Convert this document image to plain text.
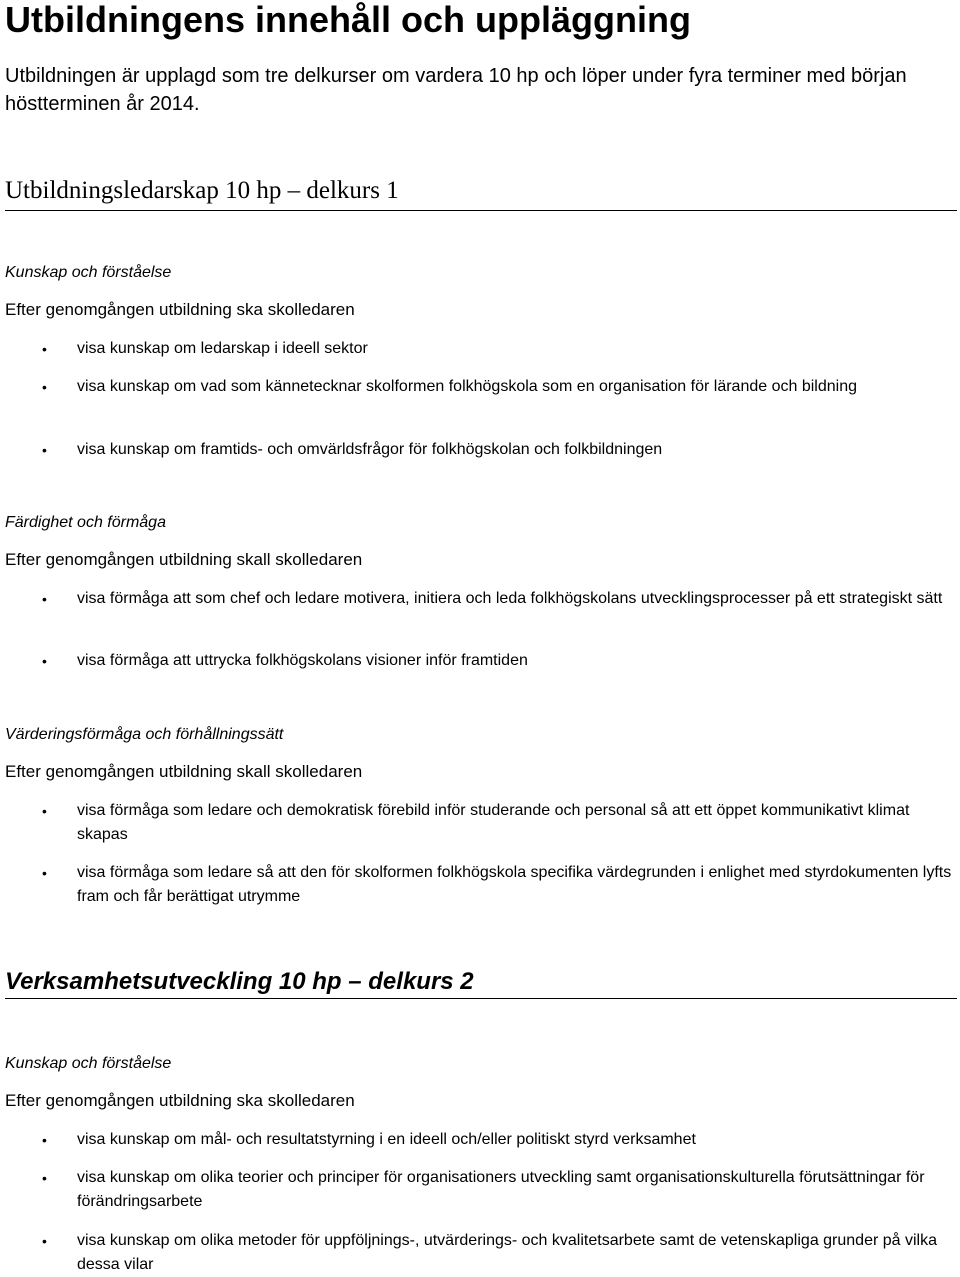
Utbildningens innehåll och uppläggning

Utbildningen är upplagd som tre delkurser om vardera 10 hp och löper under fyra terminer med början höstterminen år 2014.

Utbildningsledarskap 10 hp – delkurs 1
Kunskap och förståelse
Efter genomgången utbildning ska skolledaren
• visa kunskap om ledarskap i ideell sektor
• visa kunskap om vad som kännetecknar skolformen folkhögskola som en organisation för lärande och bildning
• visa kunskap om framtids- och omvärldsfrågor för folkhögskolan och folkbildningen
Färdighet och förmåga
Efter genomgången utbildning skall skolledaren
• visa förmåga att som chef och ledare motivera, initiera och leda folkhögskolans utvecklingsprocesser på ett strategiskt sätt
• visa förmåga att uttrycka folkhögskolans visioner inför framtiden
Värderingsförmåga och förhållningssätt
Efter genomgången utbildning skall skolledaren
• visa förmåga som ledare och demokratisk förebild inför studerande och personal så att ett öppet kommunikativt klimat skapas
• visa förmåga som ledare så att den för skolformen folkhögskola specifika värdegrunden i enlighet med styrdokumenten lyfts fram och får berättigat utrymme
Verksamhetsutveckling 10 hp – delkurs 2
Kunskap och förståelse
Efter genomgången utbildning ska skolledaren
• visa kunskap om mål- och resultatstyrning i en ideell och/eller politiskt styrd verksamhet
• visa kunskap om olika teorier och principer för organisationers utveckling samt organisationskulturella förutsättningar för förändringsarbete
• visa kunskap om olika metoder för uppföljnings-, utvärderings- och kvalitetsarbete samt de vetenskapliga grunder på vilka dessa vilar
